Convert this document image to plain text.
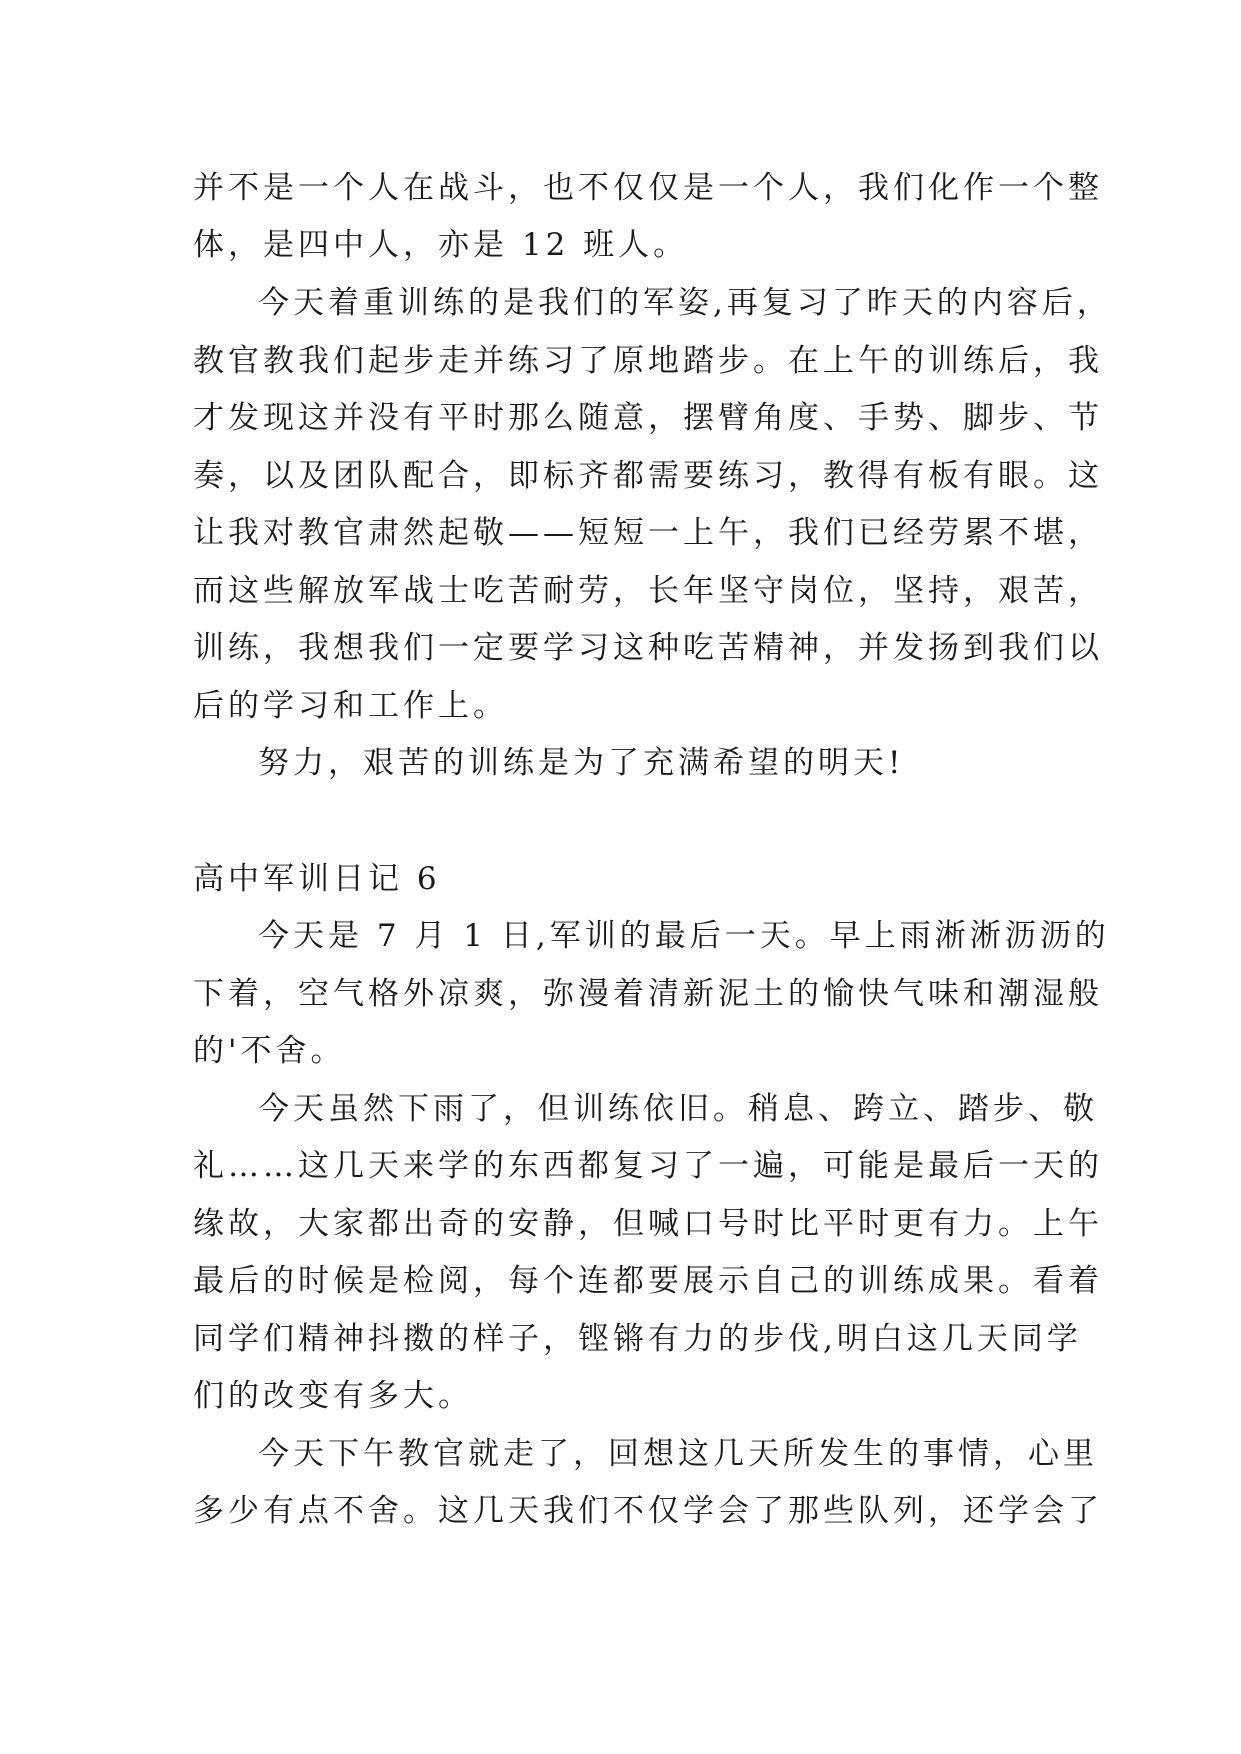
并不是一个人在战斗，也不仅仅是一个人，我们化作一个整
体，是四中人，亦是 12 班人。
今天着重训练的是我们的军姿,再复习了昨天的内容后，
教官教我们起步走并练习了原地踏步。在上午的训练后，我
才发现这并没有平时那么随意，摆臂角度、手势、脚步、节
奏，以及团队配合，即标齐都需要练习，教得有板有眼。这
让我对教官肃然起敬——短短一上午，我们已经劳累不堪，
而这些解放军战士吃苦耐劳，长年坚守岗位，坚持，艰苦，
训练，我想我们一定要学习这种吃苦精神，并发扬到我们以
后的学习和工作上。
努力，艰苦的训练是为了充满希望的明天!
高中军训日记 6
今天是 7 月 1 日,军训的最后一天。早上雨淅淅沥沥的
下着，空气格外凉爽，弥漫着清新泥土的愉快气味和潮湿般
的'不舍。
今天虽然下雨了，但训练依旧。稍息、跨立、踏步、敬
礼……这几天来学的东西都复习了一遍，可能是最后一天的
缘故，大家都出奇的安静，但喊口号时比平时更有力。上午
最后的时候是检阅，每个连都要展示自己的训练成果。看着
同学们精神抖擞的样子，铿锵有力的步伐,明白这几天同学
们的改变有多大。
今天下午教官就走了，回想这几天所发生的事情，心里
多少有点不舍。这几天我们不仅学会了那些队列，还学会了
